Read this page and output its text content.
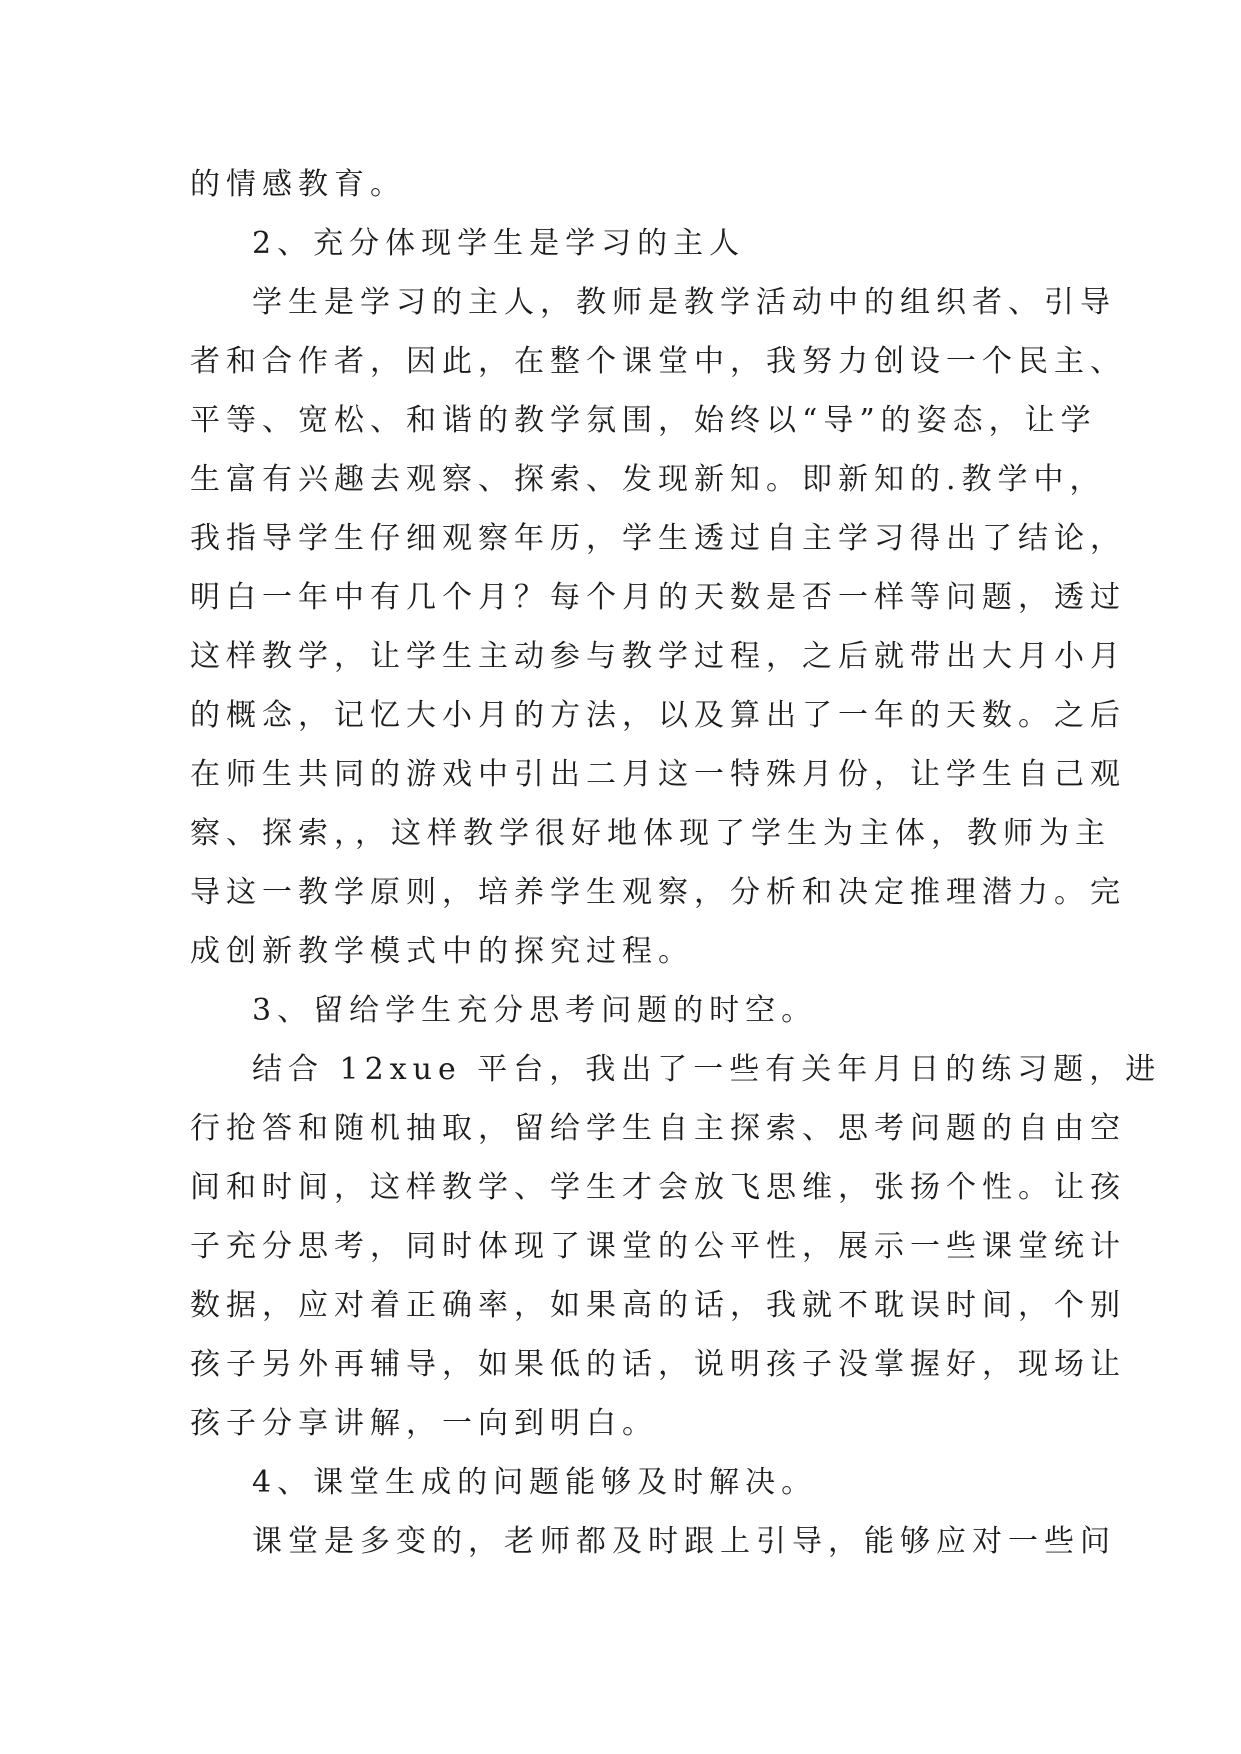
的情感教育。

2、充分体现学生是学习的主人

学生是学习的主人，教师是教学活动中的组织者、引导

者和合作者，因此，在整个课堂中，我努力创设一个民主、

平等、宽松、和谐的教学氛围，始终以“导”的姿态，让学

生富有兴趣去观察、探索、发现新知。即新知的.教学中，

我指导学生仔细观察年历，学生透过自主学习得出了结论，

明白一年中有几个月？每个月的天数是否一样等问题，透过

这样教学，让学生主动参与教学过程，之后就带出大月小月

的概念，记忆大小月的方法，以及算出了一年的天数。之后

在师生共同的游戏中引出二月这一特殊月份，让学生自己观

察、探索，，这样教学很好地体现了学生为主体，教师为主

导这一教学原则，培养学生观察，分析和决定推理潜力。完

成创新教学模式中的探究过程。

3、留给学生充分思考问题的时空。

结合 12xue 平台，我出了一些有关年月日的练习题，进

行抢答和随机抽取，留给学生自主探索、思考问题的自由空

间和时间，这样教学、学生才会放飞思维，张扬个性。让孩

子充分思考，同时体现了课堂的公平性，展示一些课堂统计

数据，应对着正确率，如果高的话，我就不耽误时间，个别

孩子另外再辅导，如果低的话，说明孩子没掌握好，现场让

孩子分享讲解，一向到明白。

4、课堂生成的问题能够及时解决。

课堂是多变的，老师都及时跟上引导，能够应对一些问
